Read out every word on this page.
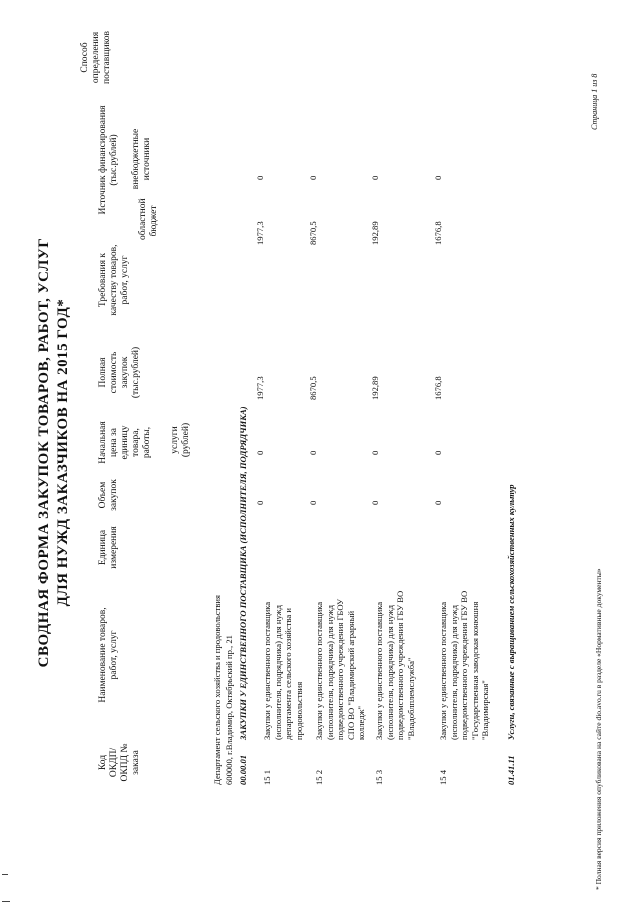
СВОДНАЯ ФОРМА ЗАКУПОК ТОВАРОВ, РАБОТ, УСЛУГ ДЛЯ НУЖД ЗАКАЗЧИКОВ НА 2015 ГОД*
Код ОКДП/ ОКПД № заказа
Наименование товаров, работ, услуг
Единица измерения
Объем закупок
Начальная цена за единицу товара, работы, услуги (рублей)
Полная стоимость закупок (тыс.рублей)
Требования к качеству товаров, работ, услуг
Источник финансирования (тыс.рублей)
областной бюджет
внебюджетные источники
Способ определения поставщиков
Департамент сельского хозяйства и продовольствия 600000, г.Владимир, Октябрьский пр., 21 00.00.01
ЗАКУПКИ У ЕДИНСТВЕННОГО ПОСТАВЩИКА (ИСПОЛНИТЕЛЯ, ПОДРЯДЧИКА)
15 1
Закупки у единственного поставщика (исполнителя, подрядчика) для нужд департамента сельского хозяйства и продовольствия
0
0
1977,3
1977,3
0
15 2
Закупки у единственного поставщика (исполнителя, подрядчика) для нужд подведомственного учреждения ГБОУ СПО ВО "Владимирский аграрный колледж"
0
0
8670,5
8670,5
0
15 3
Закупки у единственного поставщика (исполнителя, подрядчика) для нужд подведомственного учреждения ГБУ ВО "Владоблплемслужба"
0
0
192,89
192,89
0
15 4
Закупки у единственного поставщика (исполнителя, подрядчика) для нужд подведомственного учреждения ГБУ ВО "Государственная заводская конюшня "Владимирская"
0
0
1676,8
1676,8
0
01.41.11
Услуги, связанные с выращиванием сельскохозяйственных культур	* Полная версия приложения опубликована на сайте dio.avo.ru в разделе «Нормативные документы»
Страница 1 из 8
